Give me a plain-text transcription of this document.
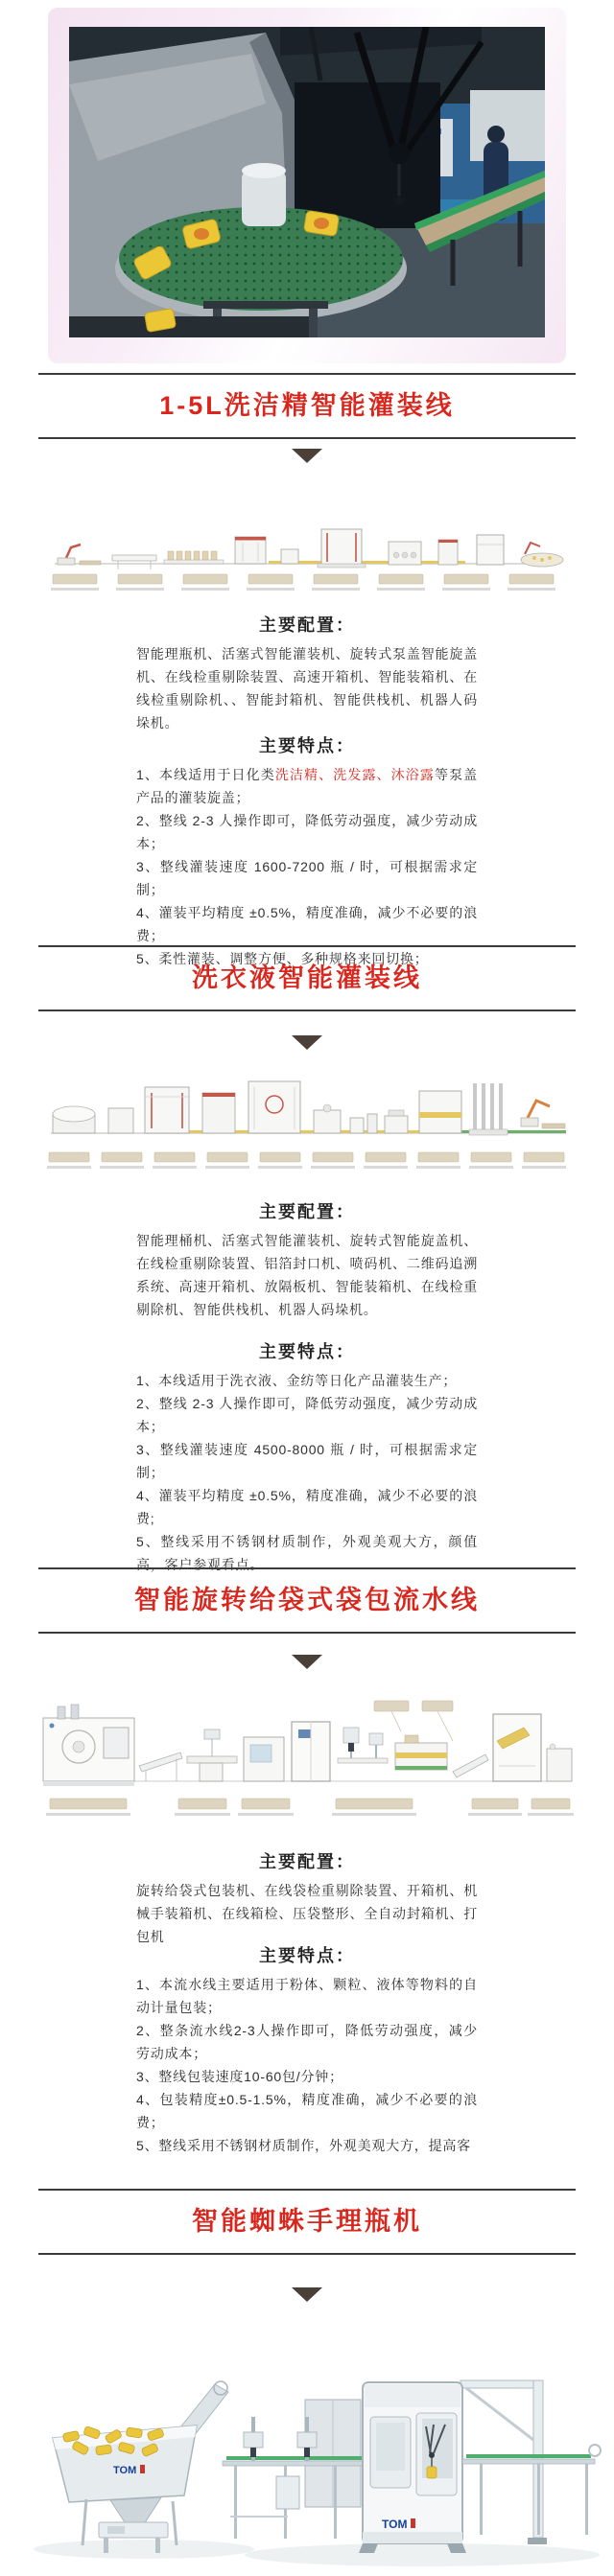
1-5L洗洁精智能灌装线
主要配置：

智能理瓶机、活塞式智能灌装机、旋转式泵盖智能旋盖机、在线检重剔除装置、高速开箱机、智能装箱机、在线检重剔除机、、智能封箱机、智能供栈机、机器人码垛机。

主要特点：
1、本线适用于日化类洗洁精、洗发露、沐浴露等泵盖产品的灌装旋盖；
2、整线 2-3 人操作即可，降低劳动强度，减少劳动成本；
3、整线灌装速度 1600-7200 瓶 / 时，可根据需求定制；
4、灌装平均精度 ±0.5%，精度准确，减少不必要的浪费；
5、柔性灌装、调整方便、多种规格来回切换；
洗衣液智能灌装线
主要配置：

智能理桶机、活塞式智能灌装机、旋转式智能旋盖机、在线检重剔除装置、铝箔封口机、喷码机、二维码追溯系统、高速开箱机、放隔板机、智能装箱机、在线检重剔除机、智能供栈机、机器人码垛机。

主要特点：
1、本线适用于洗衣液、金纺等日化产品灌装生产；
2、整线 2-3 人操作即可，降低劳动强度，减少劳动成本；
3、整线灌装速度 4500-8000 瓶 / 时，可根据需求定制；
4、灌装平均精度 ±0.5%，精度准确，减少不必要的浪费;
5、整线采用不锈钢材质制作，外观美观大方，颜值高，客户参观看点。
智能旋转给袋式袋包流水线
主要配置：

旋转给袋式包装机、在线袋检重剔除装置、开箱机、机械手装箱机、在线箱检、压袋整形、全自动封箱机、打包机

主要特点：
1、本流水线主要适用于粉体、颗粒、液体等物料的自动计量包装；
2、整条流水线2-3人操作即可，降低劳动强度，减少劳动成本；
3、整线包装速度10-60包/分钟；
4、包装精度±0.5-1.5%，精度准确，减少不必要的浪费；
5、整线采用不锈钢材质制作，外观美观大方，提高客
智能蜘蛛手理瓶机
TOM
TOM
